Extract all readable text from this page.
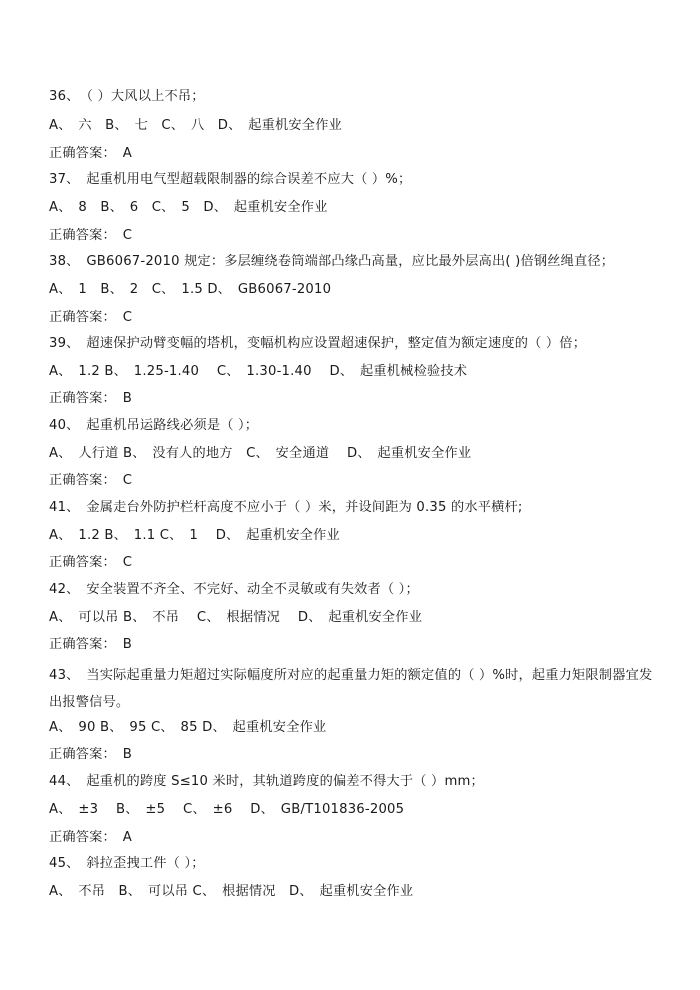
36、　（ ）大风以上不吊；
A、　六　B、　七　C、　八　D、　起重机安全作业
正确答案：　A
37、　起重机用电气型超载限制器的综合误差不应大（ ）%；
A、　8　B、　6　C、　5　D、　起重机安全作业
正确答案：　C
38、　GB6067-2010 规定：多层缠绕卷筒端部凸缘凸高量，应比最外层高出( )倍钢丝绳直径；
A、　1　B、　2　C、　1.5 D、　GB6067-2010
正确答案：　C
39、　超速保护动臂变幅的塔机，变幅机构应设置超速保护，整定值为额定速度的（ ）倍；
A、　1.2 B、　1.25-1.40　 C、　1.30-1.40　 D、　起重机械检验技术
正确答案：　B
40、　起重机吊运路线必须是（ ）；
A、　人行道 B、　没有人的地方　C、　安全通道　 D、　起重机安全作业
正确答案：　C
41、　金属走台外防护栏杆高度不应小于（ ）米，并设间距为 0.35 的水平横杆;
A、　1.2 B、　1.1 C、　1　 D、　起重机安全作业
正确答案：　C
42、　安全装置不齐全、不完好、动全不灵敏或有失效者（ ）；
A、　可以吊 B、　不吊　 C、　根据情况　 D、　起重机安全作业
正确答案：　B
43、　当实际起重量力矩超过实际幅度所对应的起重量力矩的额定值的（ ）%时，起重力矩限制器宜发出报警信号。
A、　90 B、　95 C、　85 D、　起重机安全作业
正确答案：　B
44、　起重机的跨度 S≤10 米时，其轨道跨度的偏差不得大于（ ）mm；
A、　±3　 B、　±5　 C、　±6　 D、　GB/T101836-2005
正确答案：　A
45、　斜拉歪拽工件（ ）；
A、　不吊　B、　可以吊 C、　根据情况　D、　起重机安全作业
